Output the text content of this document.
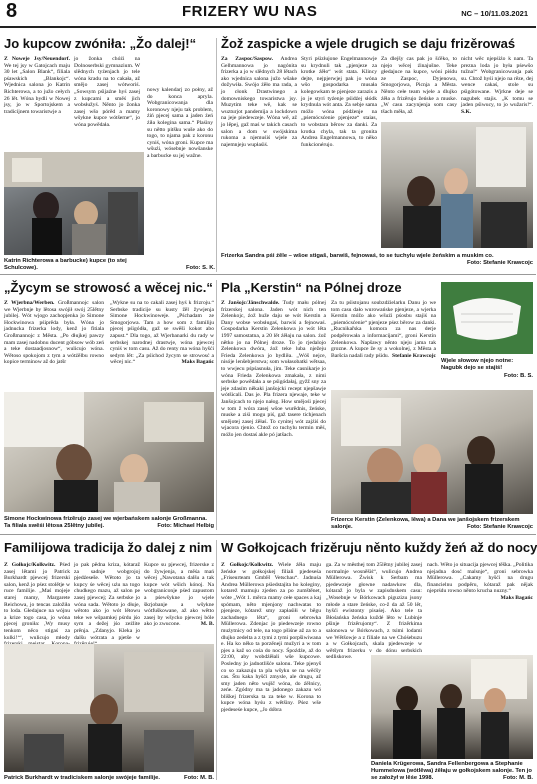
8	FRIZERY WU NAS	NC – 10/11.03.2021
Jo kupcow zwóniła: „Žo dalej!“
Z Noweje Jsy/Neuendorf. We tej jsy w Gatojcach maju 30 let „Salon Blank“, filiala pśawskich „Blankojc“. Wjednica salona jo Katrin Richterowa, a to južo cełych 26 lět. Wóna bydli w Nowej jsy, jo w Sportojskem a tradicijnem towaristwje a
jo žonka chóźi na Dolnoserbski gymnazium. W slědnych tyźenjach jo tele wóna kradu na to cakała, až smějo zasej wótworiś. „Sowsym pśijaźne hyś zasej z kupcami a směś jich wobsłužyś. Něnto jo žonka zasej wšo pórěd a mamy wšykne kupce wótšerne“, jo wóna powědała.
nowy kalendarj zo połny, až do konca apryla. Wobgranicowanja dla koronowy njeju tak problem, źiń pjecej sama a jaden źeń źiła kolegina sama.“ Plaśiny su nětto pitšku wuše ako do togo, to njama pak z koronu cyniś, wóna groni. Kupce ma wšuźi, wósebnje nowšanske a barbucke su jej wažne.
Katrin Richterowa a barbucke) kupce (to stej Schulcowe).	Foto: S. K.
Žož zaspicke a wjele drugich se daju frizěrowaś
Za Zaspoc/Saspow. Andrea Gelhmannowa jo nagónita frizerka a jo w slědnych 28 lětach ako wjednica salona južo wšake dožywiła. Swójo źěło ma rada, a jo cłonk Drastwinego a domowniskego towaristwa jsy. Muzytim teke wě, kak se wuzturjot pandemija a lockdown na jeje piedewzeje. Wóna wě, až jo lěpej, gaž maś w takich casach salon a dom w swójskima rukoma a njemuśiś wjele za najemnjeju wupłaśiś.
Styri pśizłujone Engelmannowje su krydnuli tak „pjenjeze za krotke źěło“ wót stata. Klincy dejte, nejpjerwjej pak jo wóna wšo gospodarka musała kolegowkam te pjenjeze zarazis a jo je styri tyźenje pśidźej słódk krydnula wót anta. Za sebje sama móžo wóna pódźenje na „pśemócsćenie pjenjeze“ staias, to wobstara běrow za danki. Za krotka chyla, tak ta gronita Andrea Engelmannowa, to něko funkcionérujo.
Za dlejšy cas pak jo šćěko, to njejo wěcej źinajušne. Teke głedajuce na kupce, wóni piśdu ze Zaspoc, Dyjenowa, Smogorjowa, Picnja a Města. Něnto cełe team wjele a dlujko źěła a frizěrujo žeńske a muske. „W casu zacynjenja som casy tšach měła, až
nicht wěc njepśiźo k nam. Ta prezna loda jo była pśewšo tužna!“ Wobgranicowanja pak su. Chtož hyśi njejo na rěze, dej wence cakaś, stole su pśigótowane. Wjrkne deje se nagubek stajis. „K tomu se jaden pśiwucy, to jo wužaris!“. S.K.
Frizerka Sandra pśi źěle – wšoe stigaš, barwiš, fejnowaś, to se tuchylu wjele žeńskim a muskim co.
Foto: Stefanie Krawcojc
„Žycym se strowosć a wěcej nic.“
Z Wjerbna/Werben. Großmannojc salon we Wjerbnje by lětosa swójił swój 25lětny jubilej. Wót wjogo zachopjenka jo Simone Hockwinowa pśiprěda była. Wóna jo jadnucka frizerka lody, kenž jo fitiala Großmannojc z Města. „Po dłujkej pawzy mam zasej nadobnu ducent góbsow wób zeń a teke dostaadjosnow“, wulicujo wóna. Wětoso spokojom z tym a wótźělbu rowno kopice terminow až do jatšr
„Wykne su na to cakali zasej hyś k frizroju.“ Serbske tradicije su kusty žěl žywjenja Simone Hockwinoweje. „Pśchadam ze Smogorjowa. Tam a how som z familiju pjecej pśigódła, gaž se swěši kokot abo zapust.“ Dla togo, až Wjerbanarki du rady w serbskej narodnej drastwje, wóna pjewcej cyniś w tom casu. Až do renty ma wóna hyšći sedym lět: „Za pśichod žycym se strowosć a wěcej nic.“	Maks Bagańc
Simone Hockwinowa frizěrujo zasej we wjerbańskem salonje Großmanna. Ta filiala swěśi lětosa 25lětny jubilej.	Foto: Michael Helbig
Pla „Kerstin“ na Pólnej droze
Z Janšojc/Jänschwalde. Tudy mału pólnej frizerskej salona. Jaden wót nich ten Zelenkojc, źož huže daju se wót Kerstin a Dany wobse wobsługaś, barwiś a fejnowaś. Gospodarka Kerstin Zelenkowa jo wót lěta 1997 samostatna, a 20 lět źěłaju na salon. źož nětko jo na Pólnej droze. To jo rjedalojo Zelenkowa dwóra, źož teke luba nježeju Frieda Zelenkowa jo bydliła. „Wóš nejce, nisóje lenšebjerstwa; som wułasobatki wětsaa, to wwjecu pśpśasnuła, jim. Teke casnikarje jo wóna Frieda Zelenkowa zmakała, z nimi serbske powědała a se pśigódałaj, gyžž sny za jeje zdasím někaki janšojcki recept njepšawje wótšicali. Das je. Pla frizera njewaje, teke w Janšojcach to njejo nałog. How smějośi pjecej w tom ž wóra zasej wšoe wurědnis, žeńske, muske a ziśi mogu piś, gaž tasere tichjenach smějotej zasej źěłaś. To cynitej wót zajźiś do wjacora rjenio. Chtož co tuchylu termin měś, móžo jen dostaś akle pó jatšach.
Za tu pśistojanu soubzdźielarku Danu jo we tom casu dało wurowańske pjenjeze, a wjerka Kerstin móžo ako wšuźi pśosbu stajiś na „pśemócsćenie“ pjenjeze pśez běrow za danki. „Rucnikařska komora za nas derje podpěrowała a informacijami“, groni Kerstin Zelenkowa. Napšawy něnto njeju jama tak grozne. A kupce že sy a wokolnej, z Města a Baršcia nadali rady pśidu. Stefanie Krawcojc
Wjele słowow njejo notne: Nagubk dejo se stajiś!
Foto: B. S.
Frizerce Kerstin (Zelenkowa, lěwa) a Dana we janšojskem frizerskem salonje.	Foto: Stefanie Krawcojc
Familijowa tradicija žo dalej z nim
Z Gołkojc/Kolkwitz. Pśed zasej lětami jo Patrick Burkhardt pjewcej frizerski salon, kenž jo pśez stolětje w ruce familije. „Maś mojeje starej mamy, Margarete Reichowa, jo tencas založiła to loda. Głedajuce na wójnu a krize togo casa, jo wóna pjecej groniła: ,Wy musy tenkom něco stigaś za kulki!‘“, wulicujo młody
jo pak pědna kriza, kótaraž za sadnje wobgrojoj pjedźeseše. Wětoto jo ta kupcy śe wěcej uźu na togo chudkego mazu, až salon pe zasej pjewcej; Za serbske jo wóna sada. Wětoto jo dłuje, wětoto ako jo wót lětowu teke we wšpamkej pśrdu jśo sym a dežej jśo zeźlite prěnja. „Zdanyjo. Kleka jo dalšu wótrata a pjetše w
Kupce su pjewcej, frizerske z do žywjenja, a měśa mań wěcej „Nawotana dalšu a tak kupce wót wšich kónoj. Na wobgraniconje pśed zapustom a pśewšykne jo wjele škrjobanje a wšykne wótfuškowane, až ako wětto zasej by wšycko pjewcej bóle ako jo zwucone.	M. B.
Patrick Burkhardt w tradiciskem salonje swójeje familije.	Foto: M. B.
W Gołkojcach frizěruju něnto kuždy žeń až do nocy
Z Gołkojc/Kolkwitz. Wiele źěła maju žeńske w gołkojskej filiali pjedeseśa „Friseurteam GmbH Vetschau“. Jadnuśa Andrea Müllerowa pśiedstajita ho koleginy, kotarež mamuju zjeden za po zumštěnet, wóte „Wót 1. měrca mamy cełe spaces a kaj spómam, něto mjenjony nachwatas to pjenjeze, kótarež smy zapłaśiłi w běgu zachadnego lěta“, groni sebrowka Müllerowa. Zdenjac jo piedewzeje rowno mużytnicy od tele, na togo pšiśne až za to a dlujko zedelta a z tymi z tymi porpšiwiwana e. Ha ko něko ta porzěneji mužyri a w tom pjes a kaž so cośa do nocy. Śpoźdźe, až do 22:00, aby wobdźěłali wše kupcowe. Posledny jo jadnotlišće salonu. Teke pjenyš co so zakazuju ta pla wšyku se na wěćšy cas. Štu kaka hyšći zmysle, ale drugu, až smy jaden něto wujšč wóna, do źělnicy, zeńe. Zgódny ma ta jadonego zakazu wó bliškej frizerska ta za teke w. Korona to kupce wóna hyśu z wětšiny. Pśez wše pjedeseśe kupce, „Jo dóbra
ga. Za w městhej tom 25lětny jubilej zasej normalnje wosněšiś“, wulicujo Andrea Müllerowa. Źwisk k Serbam ma pjedewzeje głowne nadawkow dla, kótaraž jo byla w zapisdnskem casu: „Wosebnje w Bórkowach piguzizu jsony młode a stare žeńske, co-ž da až 50 lět, hyšći ewistonty pisaśej. Ako tele ta Błośańska žeńska kuždé lěto w Lubinje pšinje frizěrujomy“. Z frizěrkima salonowa w Bórkowach, z tsimi lodami we Wětšowje a z filiale na we Chóśebuzu a w Gołkojcach, skala pjedewzeje w wětšym frizerku v do dónu serbskich sedliskowe.
nach. Wěto jo situacija pjewcej těška. „Politika njejadna dosć malsnje“, groni sebrowka Müllerowa. „Cakamy hyšći na drugu financielnu podpěru, kótaraž pak nějak njeprśdu rowno něnto krucha nuzny.“
Maks Bagańc
Daniela Krügerowa, Sandra Fellenbergowa a Stephanie Hummelowa (wótlěwa) źěłaju w gołkojskem salonje. Ten jo se załožył w lěśe 1998.	Foto: M. B.
